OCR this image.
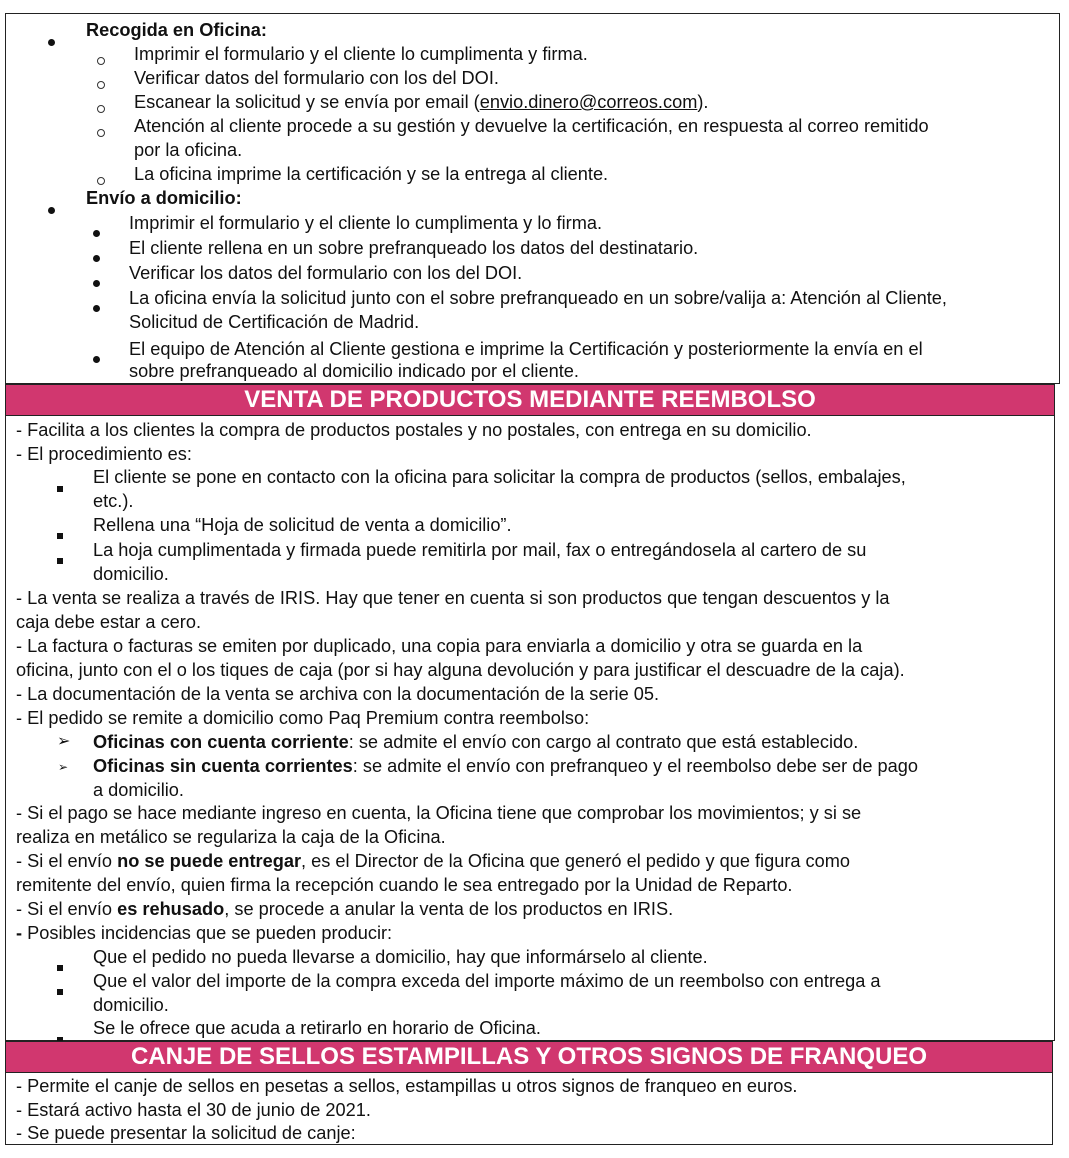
Recogida en Oficina:
Imprimir el formulario y el cliente lo cumplimenta y firma.
Verificar datos del formulario con los del DOI.
Escanear la solicitud y se envía por email (envio.dinero@correos.com).
Atención al cliente procede a su gestión y devuelve la certificación, en respuesta al correo remitido
por la oficina.
La oficina imprime la certificación y se la entrega al cliente.
Envío a domicilio:
Imprimir el formulario y el cliente lo cumplimenta y lo firma.
El cliente rellena en un sobre prefranqueado los datos del destinatario.
Verificar los datos del formulario con los del DOI.
La oficina envía la solicitud junto con el sobre prefranqueado en un sobre/valija a: Atención al Cliente,
Solicitud de Certificación de Madrid.
El equipo de Atención al Cliente gestiona e imprime la Certificación y posteriormente la envía en el
sobre prefranqueado al domicilio indicado por el cliente.
VENTA DE PRODUCTOS MEDIANTE REEMBOLSO
- Facilita a los clientes la compra de productos postales y no postales, con entrega en su domicilio.
- El procedimiento es:
El cliente se pone en contacto con la oficina para solicitar la compra de productos (sellos, embalajes,
etc.).
Rellena una “Hoja de solicitud de venta a domicilio”.
La hoja cumplimentada y firmada puede remitirla por mail, fax o entregándosela al cartero de su
domicilio.
- La venta se realiza a través de IRIS. Hay que tener en cuenta si son productos que tengan descuentos y la
caja debe estar a cero.
- La factura o facturas se emiten por duplicado, una copia para enviarla a domicilio y otra se guarda en la
oficina, junto con el o los tiques de caja (por si hay alguna devolución y para justificar el descuadre de la caja).
- La documentación de la venta se archiva con la documentación de la serie 05.
- El pedido se remite a domicilio como Paq Premium contra reembolso:
➢ Oficinas con cuenta corriente: se admite el envío con cargo al contrato que está establecido.
➢ Oficinas sin cuenta corrientes: se admite el envío con prefranqueo y el reembolso debe ser de pago
a domicilio.
- Si el pago se hace mediante ingreso en cuenta, la Oficina tiene que comprobar los movimientos; y si se
realiza en metálico se regulariza la caja de la Oficina.
- Si el envío no se puede entregar, es el Director de la Oficina que generó el pedido y que figura como
remitente del envío, quien firma la recepción cuando le sea entregado por la Unidad de Reparto.
- Si el envío es rehusado, se procede a anular la venta de los productos en IRIS.
- Posibles incidencias que se pueden producir:
Que el pedido no pueda llevarse a domicilio, hay que informárselo al cliente.
Que el valor del importe de la compra exceda del importe máximo de un reembolso con entrega a
domicilio.
Se le ofrece que acuda a retirarlo en horario de Oficina.
CANJE DE SELLOS ESTAMPILLAS Y OTROS SIGNOS DE FRANQUEO
- Permite el canje de sellos en pesetas a sellos, estampillas u otros signos de franqueo en euros.
- Estará activo hasta el 30 de junio de 2021.
- Se puede presentar la solicitud de canje:
